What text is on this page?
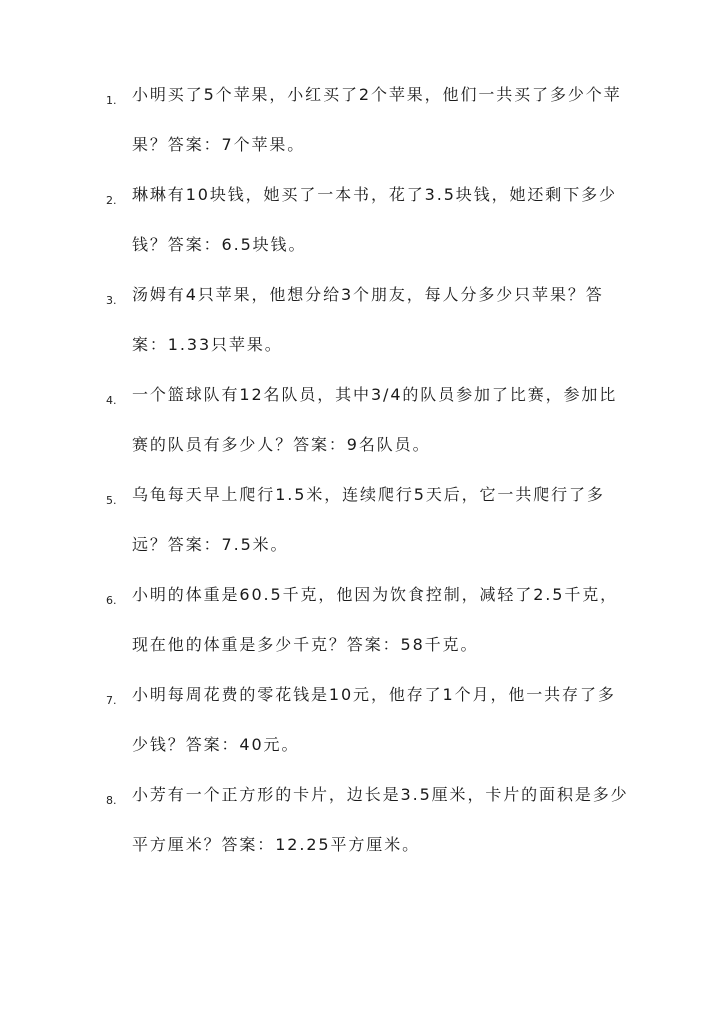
1. 小明买了5个苹果，小红买了2个苹果，他们一共买了多少个苹果？答案：7个苹果。
2. 琳琳有10块钱，她买了一本书，花了3.5块钱，她还剩下多少钱？答案：6.5块钱。
3. 汤姆有4只苹果，他想分给3个朋友，每人分多少只苹果？答案：1.33只苹果。
4. 一个篮球队有12名队员，其中3/4的队员参加了比赛，参加比赛的队员有多少人？答案：9名队员。
5. 乌龟每天早上爬行1.5米，连续爬行5天后，它一共爬行了多远？答案：7.5米。
6. 小明的体重是60.5千克，他因为饮食控制，减轻了2.5千克，现在他的体重是多少千克？答案：58千克。
7. 小明每周花费的零花钱是10元，他存了1个月，他一共存了多少钱？答案：40元。
8. 小芳有一个正方形的卡片，边长是3.5厘米，卡片的面积是多少平方厘米？答案：12.25平方厘米。
